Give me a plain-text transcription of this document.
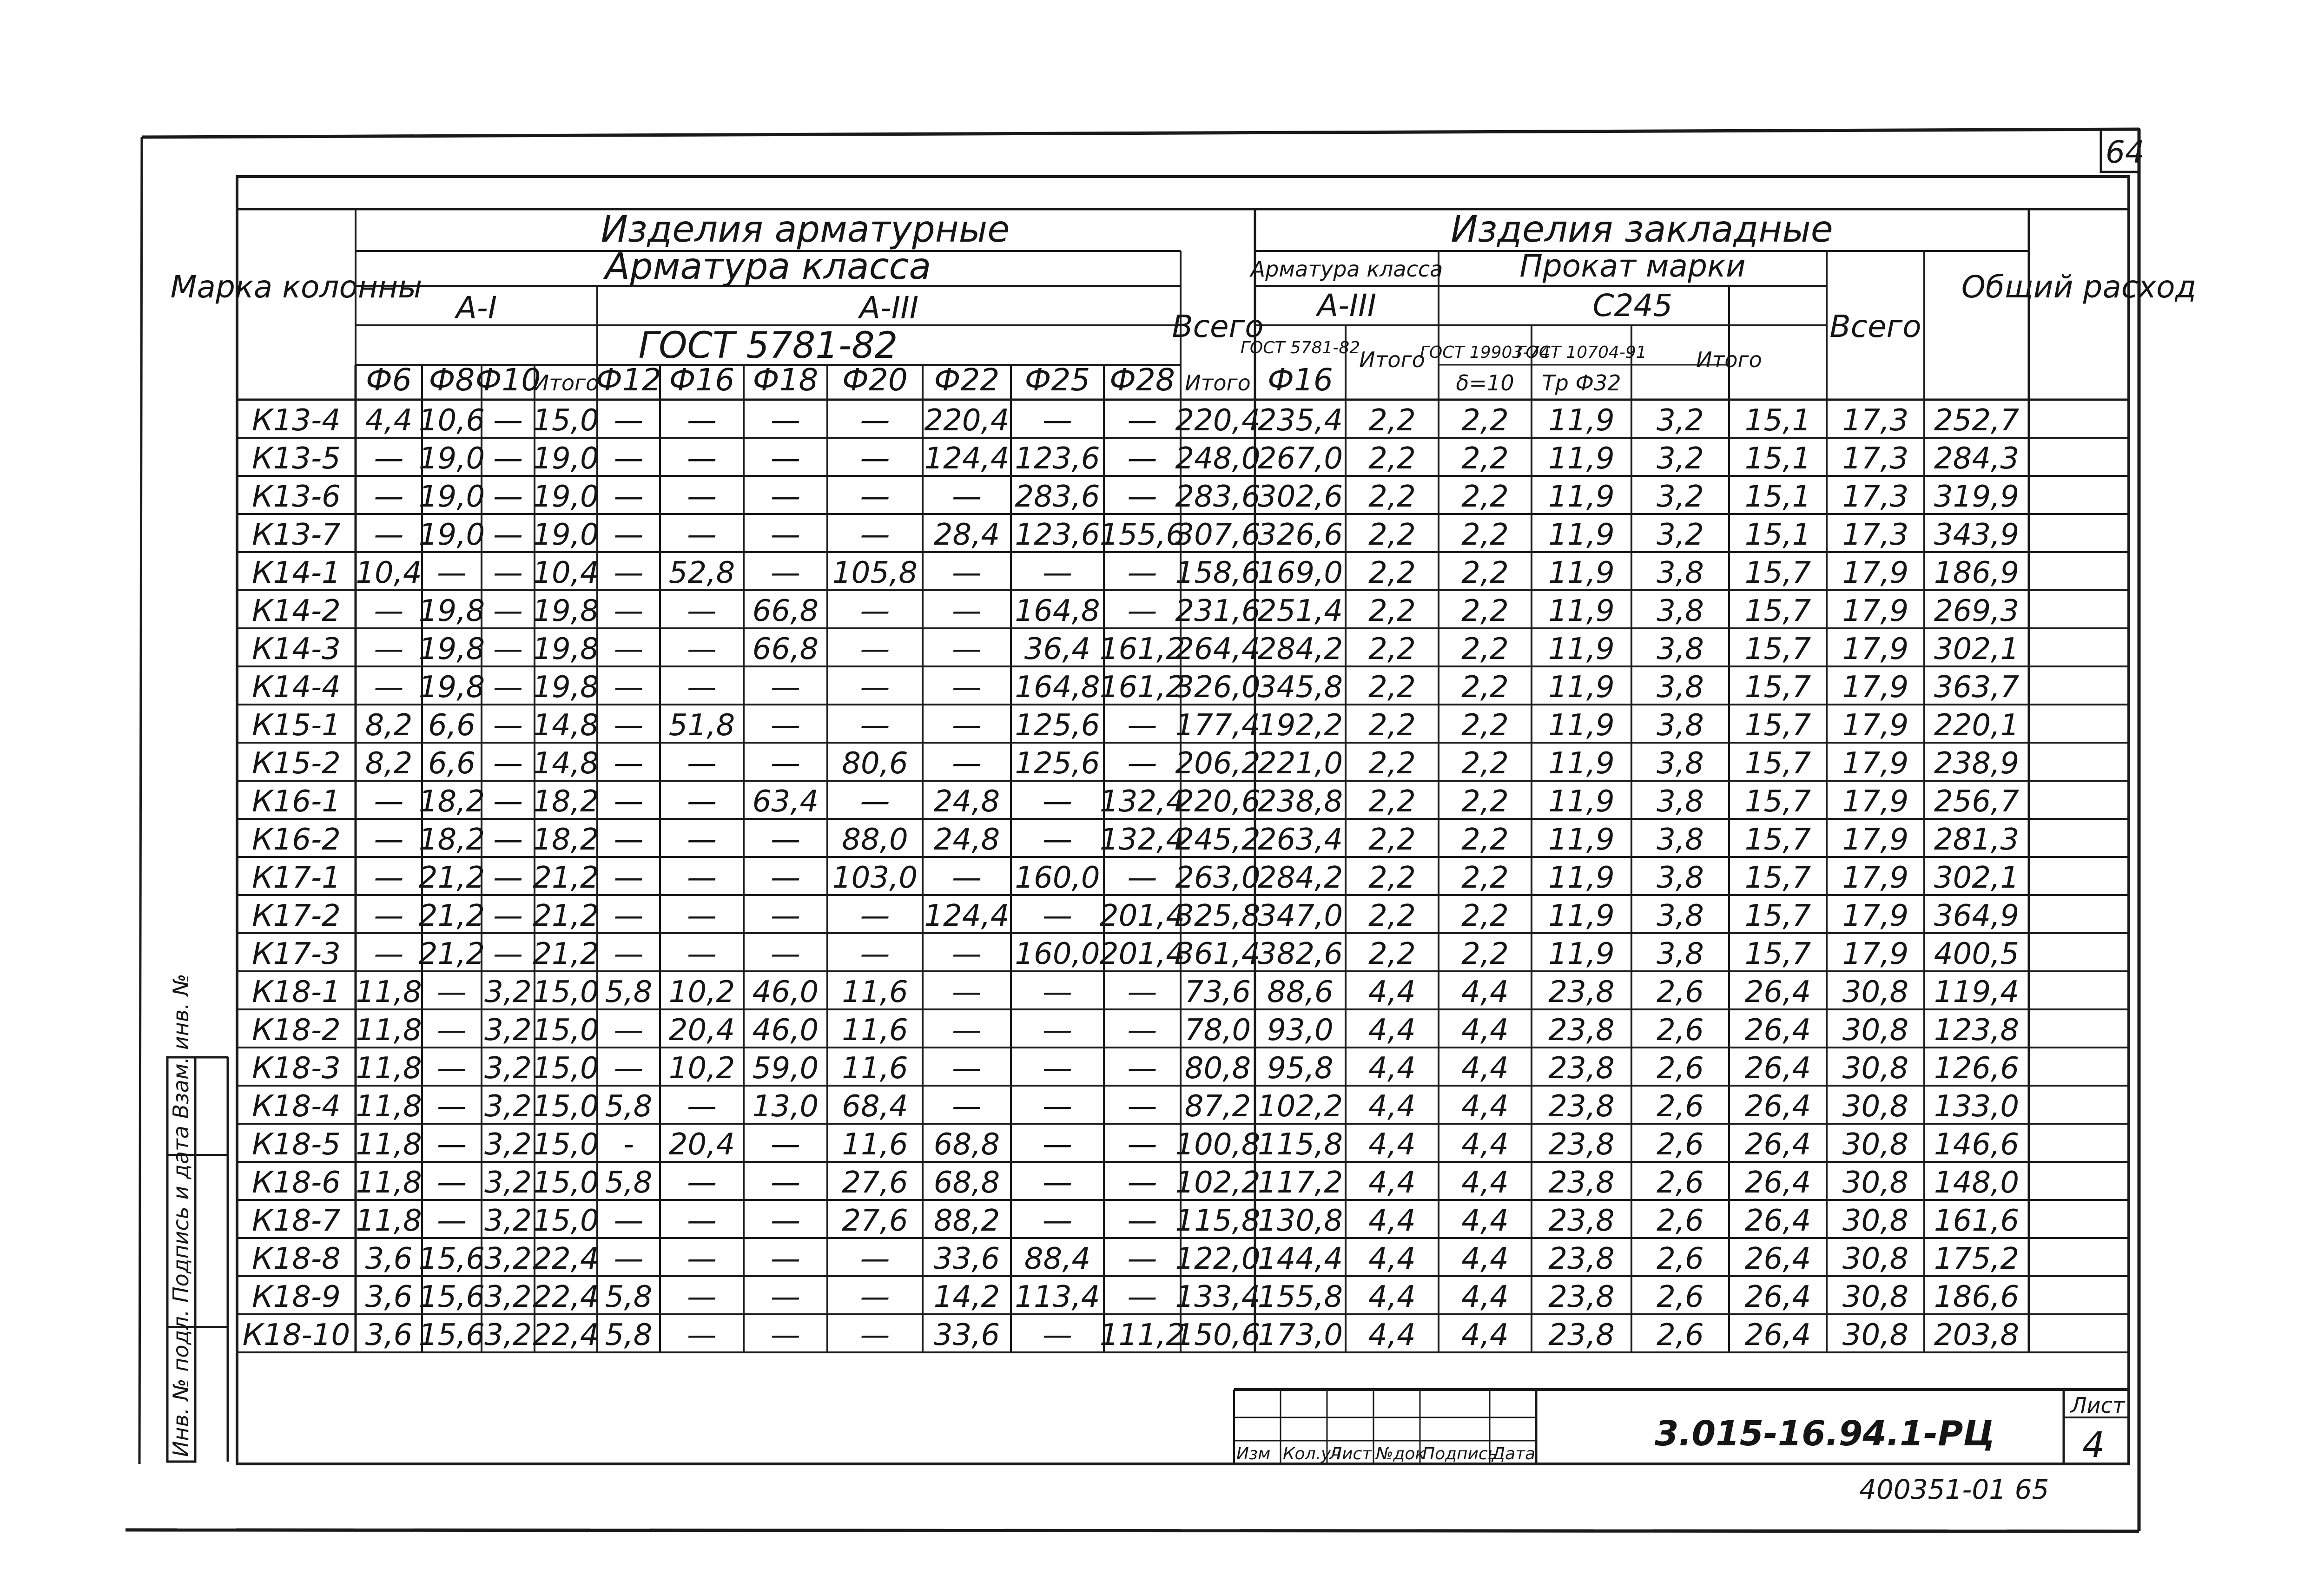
64
Инв. № подл. Подпись и дата Взам. инв. №
Марка колонны
Изделия арматурные
Арматура класса
А-I	А-III
ГОСТ 5781-82	Всего
Изделия закладные
Арматура класса
А-III
ГОСТ 5781-82
Ф16
Итого
Прокат марки
С245
ГОСТ 19903-74
ГОСТ 10704-91
δ=10 Тр Ф32
Итого
Всего
Общий расход
Ф6 Ф8 Ф10
Итого
Ф12 Ф16 Ф18 Ф20 Ф22 Ф25 Ф28 Итого
К13-4 4,4 10,6 — 15,0 — — — — 220,4 — — 220,4
235,4 2,2 2,2 11,9 3,2 15,1 17,3 252,7
К13-5 — 19,0 — 19,0 — — — — 124,4 123,6 — 248,0
267,0 2,2 2,2 11,9 3,2 15,1 17,3 284,3
К13-6 — 19,0 — 19,0 — — — — — 283,6 — 283,6
302,6 2,2 2,2 11,9 3,2 15,1 17,3 319,9
К13-7 — 19,0 — 19,0 — — — — 28,4 123,6 155,6
307,6
326,6 2,2 2,2 11,9 3,2 15,1 17,3 343,9
К14-1 10,4 — — 10,4 — 52,8 — 105,8 — — — 158,6
169,0 2,2 2,2 11,9 3,8 15,7 17,9 186,9
К14-2 — 19,8 — 19,8 — — 66,8 — — 164,8 — 231,6
251,4 2,2 2,2 11,9 3,8 15,7 17,9 269,3
К14-3 — 19,8 — 19,8 — — 66,8 — — 36,4 161,2
264,4
284,2 2,2 2,2 11,9 3,8 15,7 17,9 302,1
К14-4 — 19,8 — 19,8 — — — — — 164,8 161,2
326,0
345,8 2,2 2,2 11,9 3,8 15,7 17,9 363,7
К15-1 8,2 6,6 — 14,8 — 51,8 — — — 125,6 — 177,4
192,2 2,2 2,2 11,9 3,8 15,7 17,9 220,1
К15-2 8,2 6,6 — 14,8 — — — 80,6 — 125,6 — 206,2
221,0 2,2 2,2 11,9 3,8 15,7 17,9 238,9
К16-1 — 18,2 — 18,2 — — 63,4 — 24,8 — 132,4
220,6
238,8 2,2 2,2 11,9 3,8 15,7 17,9 256,7
К16-2 — 18,2 — 18,2 — — — 88,0 24,8 — 132,4
245,2
263,4 2,2 2,2 11,9 3,8 15,7 17,9 281,3
К17-1 — 21,2 — 21,2 — — — 103,0 — 160,0 — 263,0
284,2 2,2 2,2 11,9 3,8 15,7 17,9 302,1
К17-2 — 21,2 — 21,2 — — — — 124,4 — 201,4
325,8
347,0 2,2 2,2 11,9 3,8 15,7 17,9 364,9
К17-3 — 21,2 — 21,2 — — — — — 160,0 201,4
361,4
382,6 2,2 2,2 11,9 3,8 15,7 17,9 400,5
К18-1 11,8 — 3,2 15,0 5,8 10,2 46,0 11,6 — — — 73,6 88,6 4,4 4,4 23,8 2,6 26,4 30,8 119,4
К18-2 11,8 — 3,2 15,0 — 20,4 46,0 11,6 — — — 78,0 93,0 4,4 4,4 23,8 2,6 26,4 30,8 123,8
К18-3 11,8 — 3,2 15,0 — 10,2 59,0 11,6 — — — 80,8 95,8 4,4 4,4 23,8 2,6 26,4 30,8 126,6
К18-4 11,8 — 3,2 15,0 5,8 — 13,0 68,4 — — — 87,2 102,2 4,4 4,4 23,8 2,6 26,4 30,8 133,0
К18-5 11,8 — 3,2 15,0 - 20,4 — 11,6 68,8 — — 100,8
115,8 4,4 4,4 23,8 2,6 26,4 30,8 146,6
К18-6 11,8 — 3,2 15,0 5,8 — — 27,6 68,8 — — 102,2
117,2 4,4 4,4 23,8 2,6 26,4 30,8 148,0
К18-7 11,8 — 3,2 15,0 — — — 27,6 88,2 — — 115,8
130,8 4,4 4,4 23,8 2,6 26,4 30,8 161,6
К18-8 3,6 15,6
3,2 22,4 — — — — 33,6 88,4 — 122,0
144,4 4,4 4,4 23,8 2,6 26,4 30,8 175,2
К18-9 3,6 15,6
3,2 22,4 5,8 — — — 14,2 113,4 — 133,4
155,8 4,4 4,4 23,8 2,6 26,4 30,8 186,6
К18-10 3,6 15,6
3,2 22,4 5,8 — — — 33,6 — 111,2
150,6
173,0 4,4 4,4 23,8 2,6 26,4 30,8 203,8
Изм Кол.уч
Лист №док
Подпись
Дата
3.015-16.94.1-РЦ
Лист
4
400351-01 65
